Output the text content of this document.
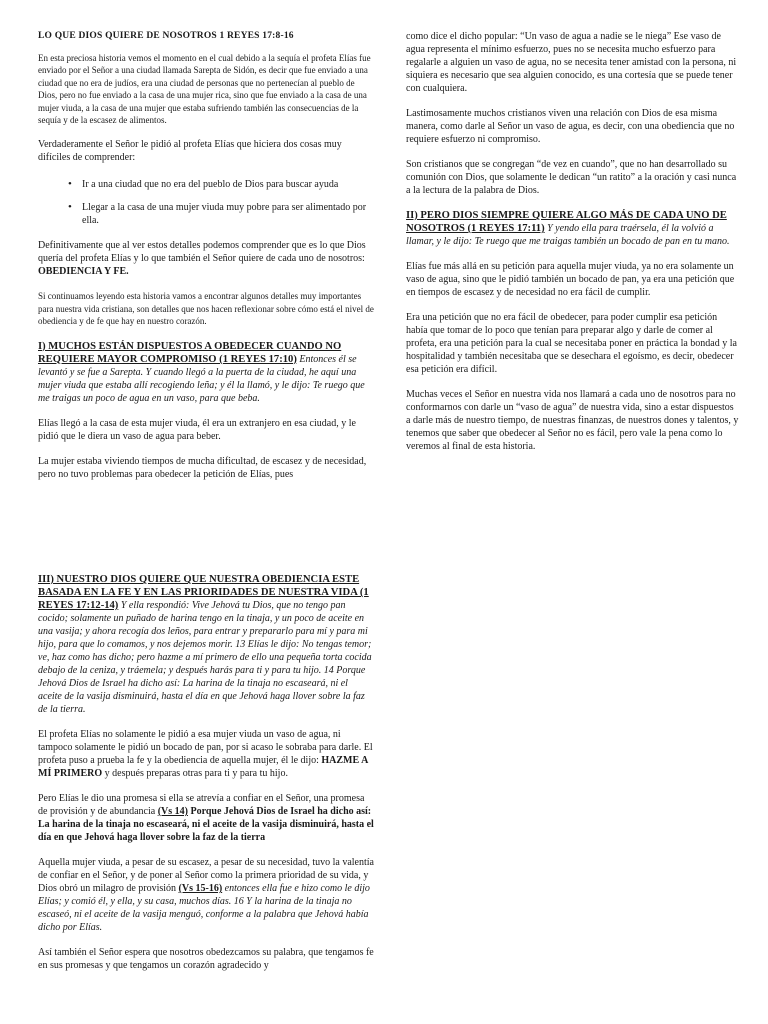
LO QUE DIOS QUIERE DE NOSOTROS 1 REYES 17:8-16

En esta preciosa historia vemos el momento en el cual debido a la sequía el profeta Elías fue enviado por el Señor a una ciudad llamada Sarepta de Sidón, es decir que fue enviado a una ciudad que no era de judíos, era una ciudad de personas que no pertenecían al pueblo de Dios, pero no fue enviado a la casa de una mujer rica, sino que fue enviado a la casa de una mujer viuda, a la casa de una mujer que estaba sufriendo también las consecuencias de la sequía y de la escasez de alimentos.

Verdaderamente el Señor le pidió al profeta Elías que hiciera dos cosas muy difíciles de comprender:

• Ir a una ciudad que no era del pueblo de Dios para buscar ayuda
• Llegar a la casa de una mujer viuda muy pobre para ser alimentado por ella.

Definitivamente que al ver estos detalles podemos comprender que es lo que Dios quería del profeta Elías y lo que también el Señor quiere de cada uno de nosotros: OBEDIENCIA Y FE.

Si continuamos leyendo esta historia vamos a encontrar algunos detalles muy importantes para nuestra vida cristiana, son detalles que nos hacen reflexionar sobre cómo está el nivel de obediencia y de fe que hay en nuestro corazón.

I) MUCHOS ESTÁN DISPUESTOS A OBEDECER CUANDO NO REQUIERE MAYOR COMPROMISO (1 REYES 17:10) Entonces él se levantó y se fue a Sarepta. Y cuando llegó a la puerta de la ciudad, he aquí una mujer viuda que estaba allí recogiendo leña; y él la llamó, y le dijo: Te ruego que me traigas un poco de agua en un vaso, para que beba.

Elías llegó a la casa de esta mujer viuda, él era un extranjero en esa ciudad, y le pidió que le diera un vaso de agua para beber.

La mujer estaba viviendo tiempos de mucha dificultad, de escasez y de necesidad, pero no tuvo problemas para obedecer la petición de Elías, pues

como dice el dicho popular: “Un vaso de agua a nadie se le niega” Ese vaso de agua representa el mínimo esfuerzo, pues no se necesita mucho esfuerzo para regalarle a alguien un vaso de agua, no se necesita tener amistad con la persona, ni siquiera es necesario que sea alguien conocido, es una cortesía que se puede tener con cualquiera.

Lastimosamente muchos cristianos viven una relación con Dios de esa misma manera, como darle al Señor un vaso de agua, es decir, con una obediencia que no requiere esfuerzo ni compromiso.

Son cristianos que se congregan “de vez en cuando”, que no han desarrollado su comunión con Dios, que solamente le dedican “un ratito” a la oración y casi nunca a la lectura de la palabra de Dios.

II) PERO DIOS SIEMPRE QUIERE ALGO MÁS DE CADA UNO DE NOSOTROS (1 REYES 17:11) Y yendo ella para traérsela, él la volvió a llamar, y le dijo: Te ruego que me traigas también un bocado de pan en tu mano.

Elías fue más allá en su petición para aquella mujer viuda, ya no era solamente un vaso de agua, sino que le pidió también un bocado de pan, ya era una petición que en tiempos de escasez y de necesidad no era fácil de cumplir.

Era una petición que no era fácil de obedecer, para poder cumplir esa petición había que tomar de lo poco que tenían para preparar algo y darle de comer al profeta, era una petición para la cual se necesitaba poner en práctica la bondad y la hospitalidad y también necesitaba que se desechara el egoísmo, es decir, obedecer esa petición era difícil.

Muchas veces el Señor en nuestra vida nos llamará a cada uno de nosotros para no conformarnos con darle un “vaso de agua” de nuestra vida, sino a estar dispuestos a darle más de nuestro tiempo, de nuestras finanzas, de nuestros dones y talentos, y tenemos que saber que obedecer al Señor no es fácil, pero vale la pena como lo veremos al final de esta historia.

III) NUESTRO DIOS QUIERE QUE NUESTRA OBEDIENCIA ESTE BASADA EN LA FE Y EN LAS PRIORIDADES DE NUESTRA VIDA (1 REYES 17:12-14) Y ella respondió: Vive Jehová tu Dios, que no tengo pan cocido; solamente un puñado de harina tengo en la tinaja, y un poco de aceite en una vasija; y ahora recogía dos leños, para entrar y prepararlo para mí y para mi hijo, para que lo comamos, y nos dejemos morir. 13 Elías le dijo: No tengas temor; ve, haz como has dicho; pero hazme a mí primero de ello una pequeña torta cocida debajo de la ceniza, y tráemela; y después harás para ti y para tu hijo. 14 Porque Jehová Dios de Israel ha dicho así: La harina de la tinaja no escaseará, ni el aceite de la vasija disminuirá, hasta el día en que Jehová haga llover sobre la faz de la tierra.

El profeta Elías no solamente le pidió a esa mujer viuda un vaso de agua, ni tampoco solamente le pidió un bocado de pan, por si acaso le sobraba para darle. El profeta puso a prueba la fe y la obediencia de aquella mujer, él le dijo: HAZME A MÍ PRIMERO y después preparas otras para ti y para tu hijo.

Pero Elías le dio una promesa si ella se atrevía a confiar en el Señor, una promesa de provisión y de abundancia (Vs 14) Porque Jehová Dios de Israel ha dicho así: La harina de la tinaja no escaseará, ni el aceite de la vasija disminuirá, hasta el día en que Jehová haga llover sobre la faz de la tierra

Aquella mujer viuda, a pesar de su escasez, a pesar de su necesidad, tuvo la valentía de confiar en el Señor, y de poner al Señor como la primera prioridad de su vida, y Dios obró un milagro de provisión (Vs 15-16) entonces ella fue e hizo como le dijo Elías; y comió él, y ella, y su casa, muchos días. 16 Y la harina de la tinaja no escaseó, ni el aceite de la vasija menguó, conforme a la palabra que Jehová había dicho por Elías.

Así también el Señor espera que nosotros obedezcamos su palabra, que tengamos fe en sus promesas y que tengamos un corazón agradecido y
